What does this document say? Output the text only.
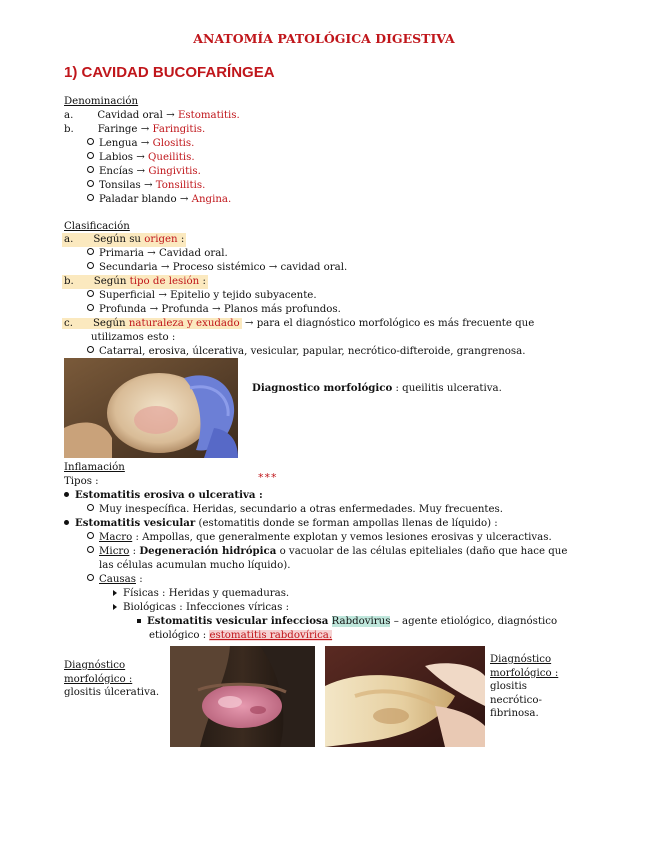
ANATOMÍA PATOLÓGICA DIGESTIVA
1) CAVIDAD BUCOFARÍNGEA
Denominación
a. Cavidad oral → Estomatitis.
b. Faringe → Faringitis.
Lengua → Glositis.
Labios → Queilitis.
Encías → Gingivitis.
Tonsilas → Tonsilitis.
Paladar blando → Angina.
Clasificación
a. Según su origen :
Primaria → Cavidad oral.
Secundaria → Proceso sistémico → cavidad oral.
b. Según tipo de lesión :
Superficial → Epitelio y tejido subyacente.
Profunda → Profunda → Planos más profundos.
c. Según naturaleza y exudado → para el diagnóstico morfológico es más frecuente que
utilizamos esto :
Catarral, erosiva, úlcerativa, vesicular, papular, necrótico-difteroide, grangrenosa.
Diagnostico morfológico : queilitis ulcerativa.
Inflamación
Tipos :	***
Estomatitis erosiva o ulcerativa :
Muy inespecífica. Heridas, secundario a otras enfermedades. Muy frecuentes.
Estomatitis vesicular (estomatitis donde se forman ampollas llenas de líquido) :
Macro : Ampollas, que generalmente explotan y vemos lesiones erosivas y ulceractivas.
Micro : Degeneración hidrópica o vacuolar de las células epiteliales (daño que hace que
las células acumulan mucho líquido).
Causas :
Físicas : Heridas y quemaduras.
Biológicas : Infecciones víricas :
Estomatitis vesicular infecciosa Rabdovirus – agente etiológico, diagnóstico
etiológico : estomatitis rabdovírica.
Diagnóstico
morfológico :
glositis úlcerativa.
Diagnóstico
morfológico :
glositis
necrótico-
fibrinosa.
